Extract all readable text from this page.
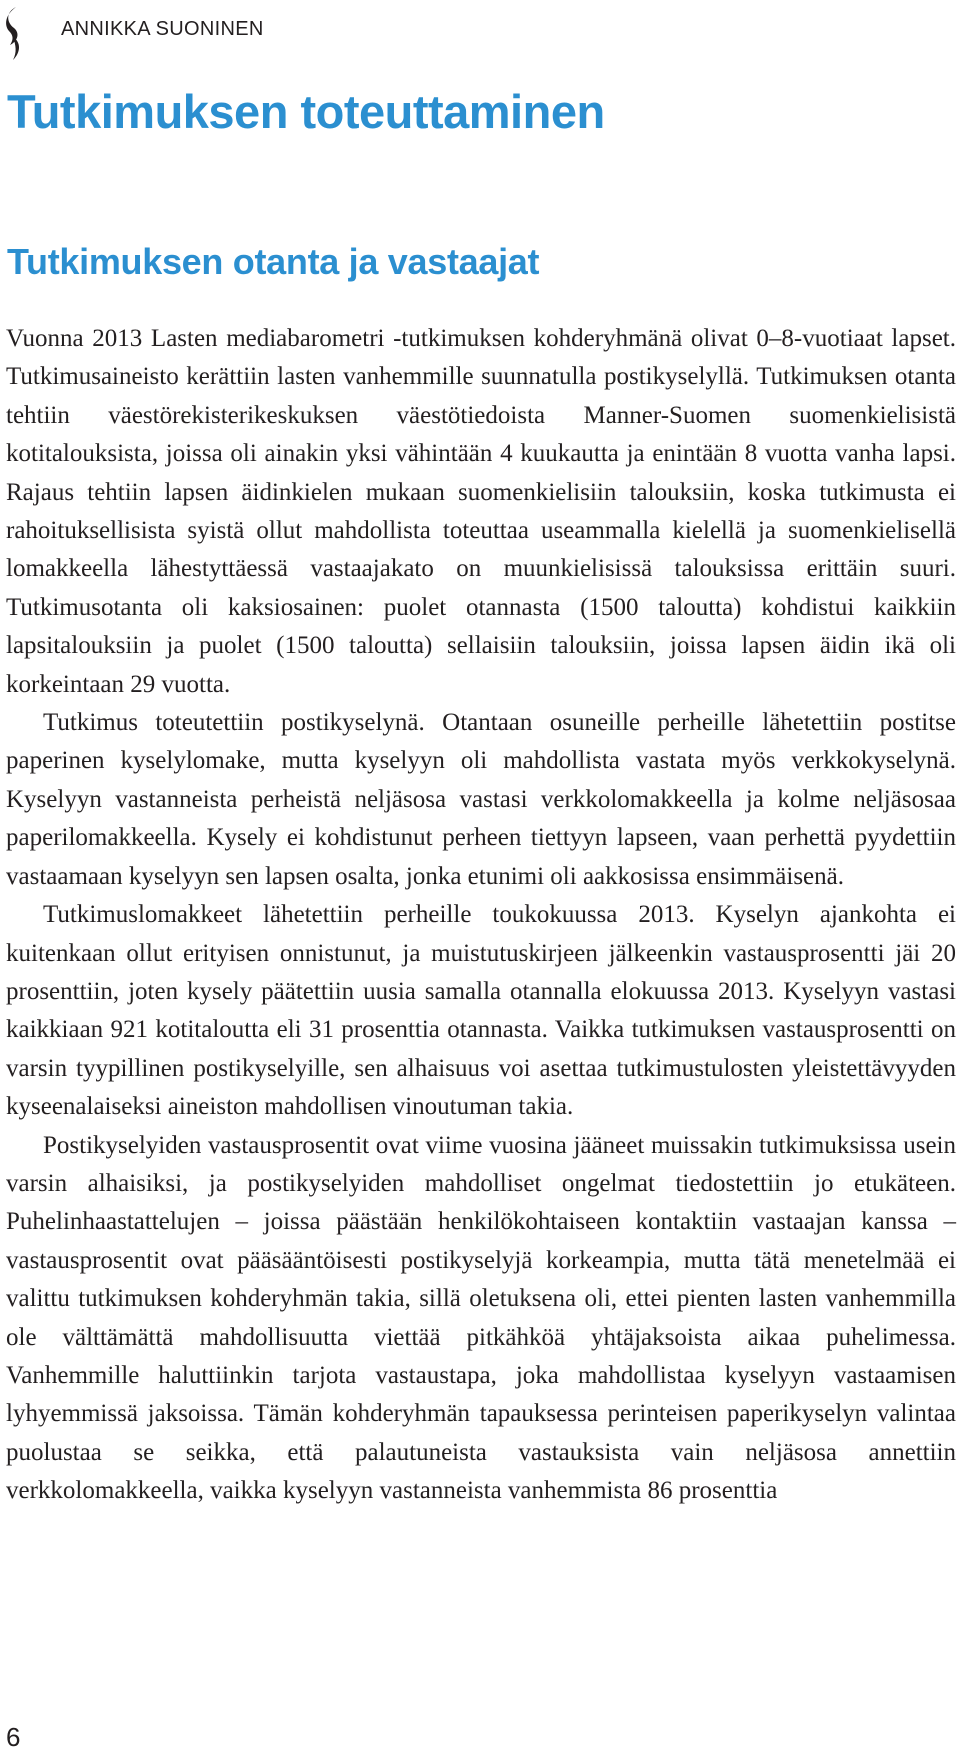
ANNIKKA SUONINEN
Tutkimuksen toteuttaminen
Tutkimuksen otanta ja vastaajat

Vuonna 2013 Lasten mediabarometri -tutkimuksen kohderyhmänä olivat 0–8-vuotiaat lapset. Tutkimusaineisto kerättiin lasten vanhemmille suunnatulla postikyselyllä. Tutkimuksen otanta tehtiin väestörekisterikeskuksen väestötiedoista Manner-Suomen suomenkielisistä kotitalouksista, joissa oli ainakin yksi vähintään 4 kuukautta ja enintään 8 vuotta vanha lapsi. Rajaus tehtiin lapsen äidinkielen mukaan suomenkielisiin talouksiin, koska tutkimusta ei rahoituksellisista syistä ollut mahdollista toteuttaa useammalla kielellä ja suomenkielisellä lomakkeella lähestyttäessä vastaajakato on muunkielisissä talouksissa erittäin suuri. Tutkimusotanta oli kaksiosainen: puolet otannasta (1500 taloutta) kohdistui kaikkiin lapsitalouksiin ja puolet (1500 taloutta) sellaisiin talouksiin, joissa lapsen äidin ikä oli korkeintaan 29 vuotta.

Tutkimus toteutettiin postikyselynä. Otantaan osuneille perheille lähetettiin postitse paperinen kyselylomake, mutta kyselyyn oli mahdollista vastata myös verkkokyselynä. Kyselyyn vastanneista perheistä neljäsosa vastasi verkkolomakkeella ja kolme neljäsosaa paperilomakkeella. Kysely ei kohdistunut perheen tiettyyn lapseen, vaan perhettä pyydettiin vastaamaan kyselyyn sen lapsen osalta, jonka etunimi oli aakkosissa ensimmäisenä.

Tutkimuslomakkeet lähetettiin perheille toukokuussa 2013. Kyselyn ajankohta ei kuitenkaan ollut erityisen onnistunut, ja muistutuskirjeen jälkeenkin vastausprosentti jäi 20 prosenttiin, joten kysely päätettiin uusia samalla otannalla elokuussa 2013. Kyselyyn vastasi kaikkiaan 921 kotitaloutta eli 31 prosenttia otannasta. Vaikka tutkimuksen vastausprosentti on varsin tyypillinen postikyselyille, sen alhaisuus voi asettaa tutkimustulosten yleistettävyyden kyseenalaiseksi aineiston mahdollisen vinoutuman takia.

Postikyselyiden vastausprosentit ovat viime vuosina jääneet muissakin tutkimuksissa usein varsin alhaisiksi, ja postikyselyiden mahdolliset ongelmat tiedostettiin jo etukäteen. Puhelinhaastattelujen – joissa päästään henkilökohtaiseen kontaktiin vastaajan kanssa – vastausprosentit ovat pääsääntöisesti postikyselyjä korkeampia, mutta tätä menetelmää ei valittu tutkimuksen kohderyhmän takia, sillä oletuksena oli, ettei pienten lasten vanhemmilla ole välttämättä mahdollisuutta viettää pitkähköä yhtäjaksoista aikaa puhelimessa. Vanhemmille haluttiinkin tarjota vastaustapa, joka mahdollistaa kyselyyn vastaamisen lyhyemmissä jaksoissa. Tämän kohderyhmän tapauksessa perinteisen paperikyselyn valintaa puolustaa se seikka, että palautuneista vastauksista vain neljäsosa annettiin verkkolomakkeella, vaikka kyselyyn vastanneista vanhemmista 86 prosenttia

6
